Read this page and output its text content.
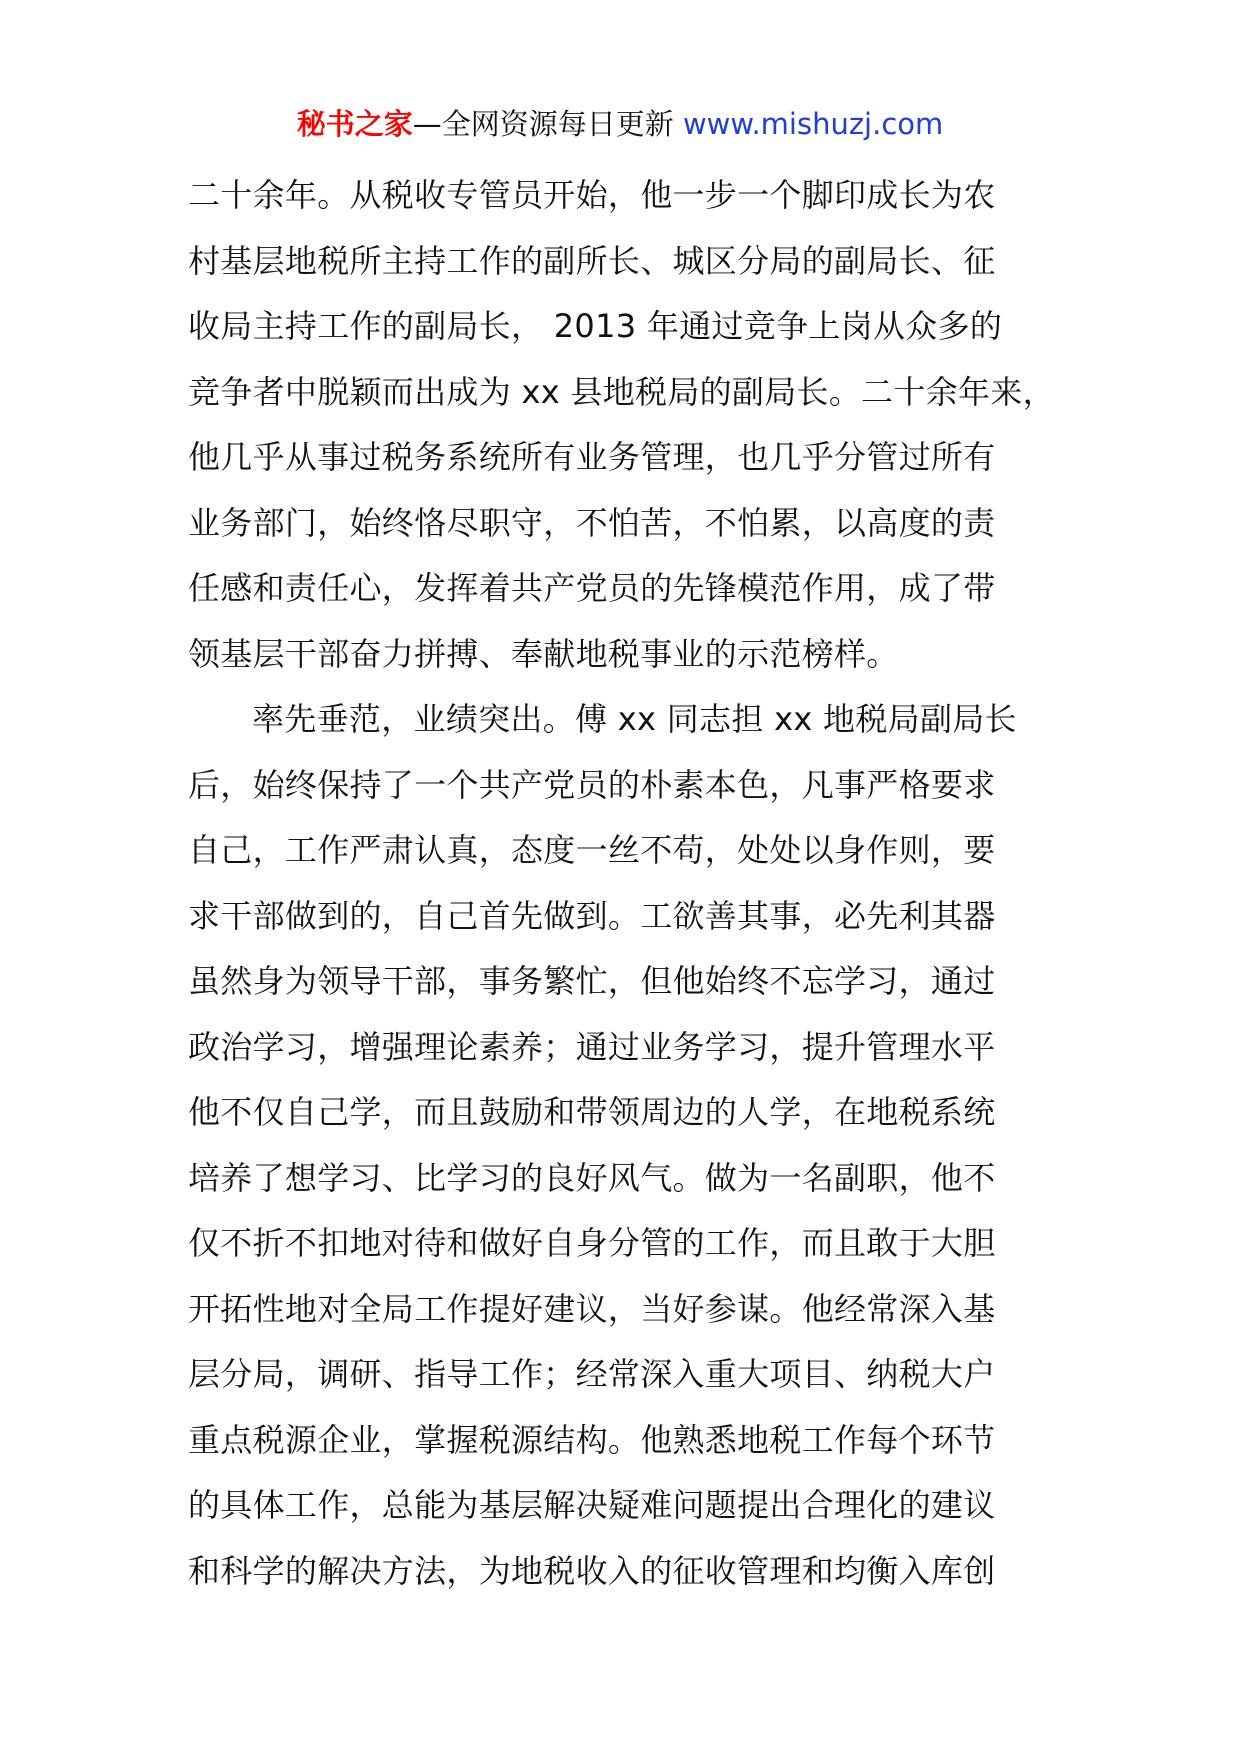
秘书之家—全网资源每日更新 www.mishuzj.com
二十余年。从税收专管员开始，他一步一个脚印成长为农
村基层地税所主持工作的副所长、城区分局的副局长、征
收局主持工作的副局长， 2013 年通过竞争上岗从众多的
竞争者中脱颖而出成为 xx 县地税局的副局长。二十余年来，
他几乎从事过税务系统所有业务管理，也几乎分管过所有
业务部门，始终恪尽职守，不怕苦，不怕累，以高度的责
任感和责任心，发挥着共产党员的先锋模范作用，成了带
领基层干部奋力拼搏、奉献地税事业的示范榜样。
率先垂范，业绩突出。傅 xx 同志担 xx 地税局副局长
后，始终保持了一个共产党员的朴素本色，凡事严格要求
自己，工作严肃认真，态度一丝不苟，处处以身作则，要
求干部做到的，自己首先做到。工欲善其事，必先利其器
虽然身为领导干部，事务繁忙，但他始终不忘学习，通过
政治学习，增强理论素养；通过业务学习，提升管理水平
他不仅自己学，而且鼓励和带领周边的人学，在地税系统
培养了想学习、比学习的良好风气。做为一名副职，他不
仅不折不扣地对待和做好自身分管的工作，而且敢于大胆
开拓性地对全局工作提好建议，当好参谋。他经常深入基
层分局，调研、指导工作；经常深入重大项目、纳税大户
重点税源企业，掌握税源结构。他熟悉地税工作每个环节
的具体工作，总能为基层解决疑难问题提出合理化的建议
和科学的解决方法，为地税收入的征收管理和均衡入库创
